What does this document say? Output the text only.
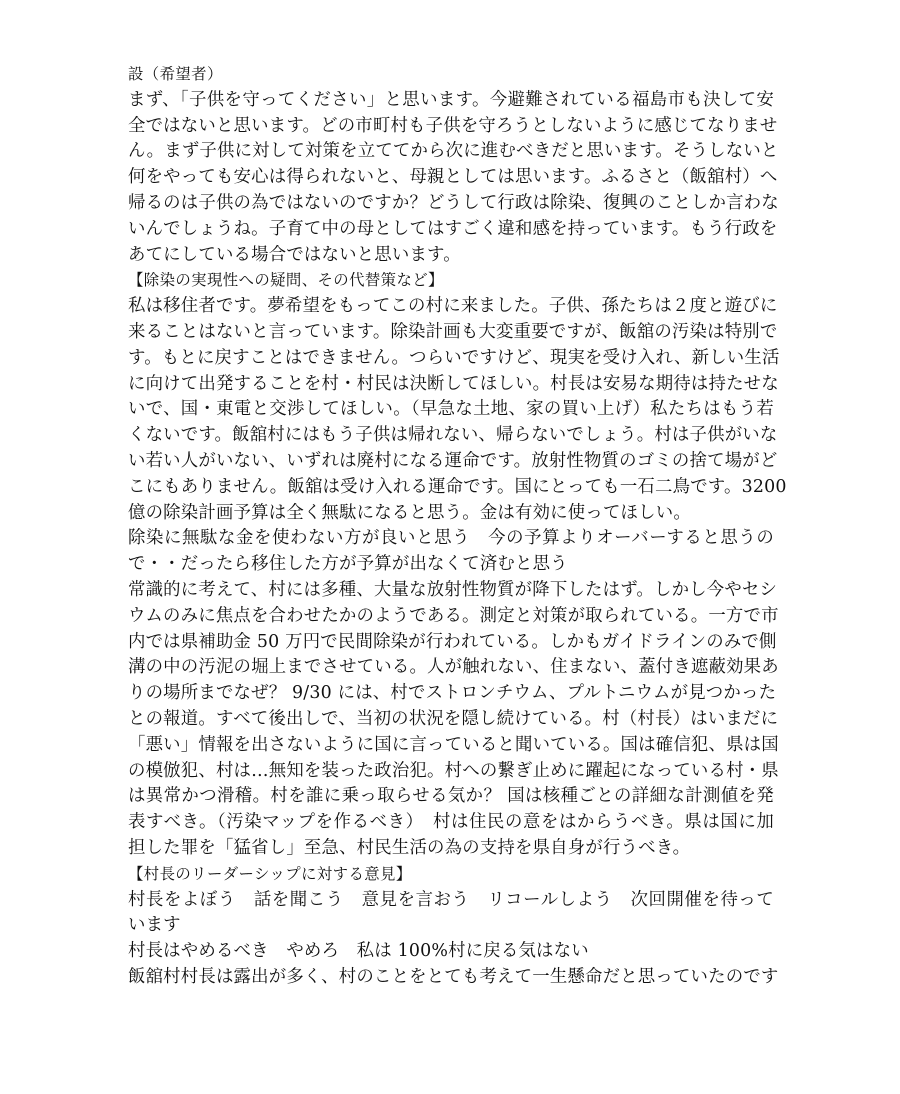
設（希望者）
まず、「子供を守ってください」と思います。今避難されている福島市も決して安
全ではないと思います。どの市町村も子供を守ろうとしないように感じてなりませ
ん。まず子供に対して対策を立ててから次に進むべきだと思います。そうしないと
何をやっても安心は得られないと、母親としては思います。ふるさと（飯舘村）へ
帰るのは子供の為ではないのですか？どうして行政は除染、復興のことしか言わな
いんでしょうね。子育て中の母としてはすごく違和感を持っています。もう行政を
あてにしている場合ではないと思います。
【除染の実現性への疑問、その代替策など】
私は移住者です。夢希望をもってこの村に来ました。子供、孫たちは２度と遊びに
来ることはないと言っています。除染計画も大変重要ですが、飯舘の汚染は特別で
す。もとに戻すことはできません。つらいですけど、現実を受け入れ、新しい生活
に向けて出発することを村・村民は決断してほしい。村長は安易な期待は持たせな
いで、国・東電と交渉してほしい。（早急な土地、家の買い上げ）私たちはもう若
くないです。飯舘村にはもう子供は帰れない、帰らないでしょう。村は子供がいな
い若い人がいない、いずれは廃村になる運命です。放射性物質のゴミの捨て場がど
こにもありません。飯舘は受け入れる運命です。国にとっても一石二鳥です。3200
億の除染計画予算は全く無駄になると思う。金は有効に使ってほしい。
除染に無駄な金を使わない方が良いと思う　今の予算よりオーバーすると思うの
で・・だったら移住した方が予算が出なくて済むと思う
常識的に考えて、村には多種、大量な放射性物質が降下したはず。しかし今やセシ
ウムのみに焦点を合わせたかのようである。測定と対策が取られている。一方で市
内では県補助金 50 万円で民間除染が行われている。しかもガイドラインのみで側
溝の中の汚泥の堀上までさせている。人が触れない、住まない、蓋付き遮蔽効果あ
りの場所までなぜ？ 9/30 には、村でストロンチウム、プルトニウムが見つかった
との報道。すべて後出しで、当初の状況を隠し続けている。村（村長）はいまだに
「悪い」情報を出さないように国に言っていると聞いている。国は確信犯、県は国
の模倣犯、村は…無知を装った政治犯。村への繋ぎ止めに躍起になっている村・県
は異常かつ滑稽。村を誰に乗っ取らせる気か？ 国は核種ごとの詳細な計測値を発
表すべき。（汚染マップを作るべき）　村は住民の意をはからうべき。県は国に加
担した罪を「猛省し」至急、村民生活の為の支持を県自身が行うべき。
【村長のリーダーシップに対する意見】
村長をよぼう　話を聞こう　意見を言おう　リコールしよう　次回開催を待って
います
村長はやめるべき　やめろ　私は 100%村に戻る気はない
飯舘村村長は露出が多く、村のことをとても考えて一生懸命だと思っていたのです
